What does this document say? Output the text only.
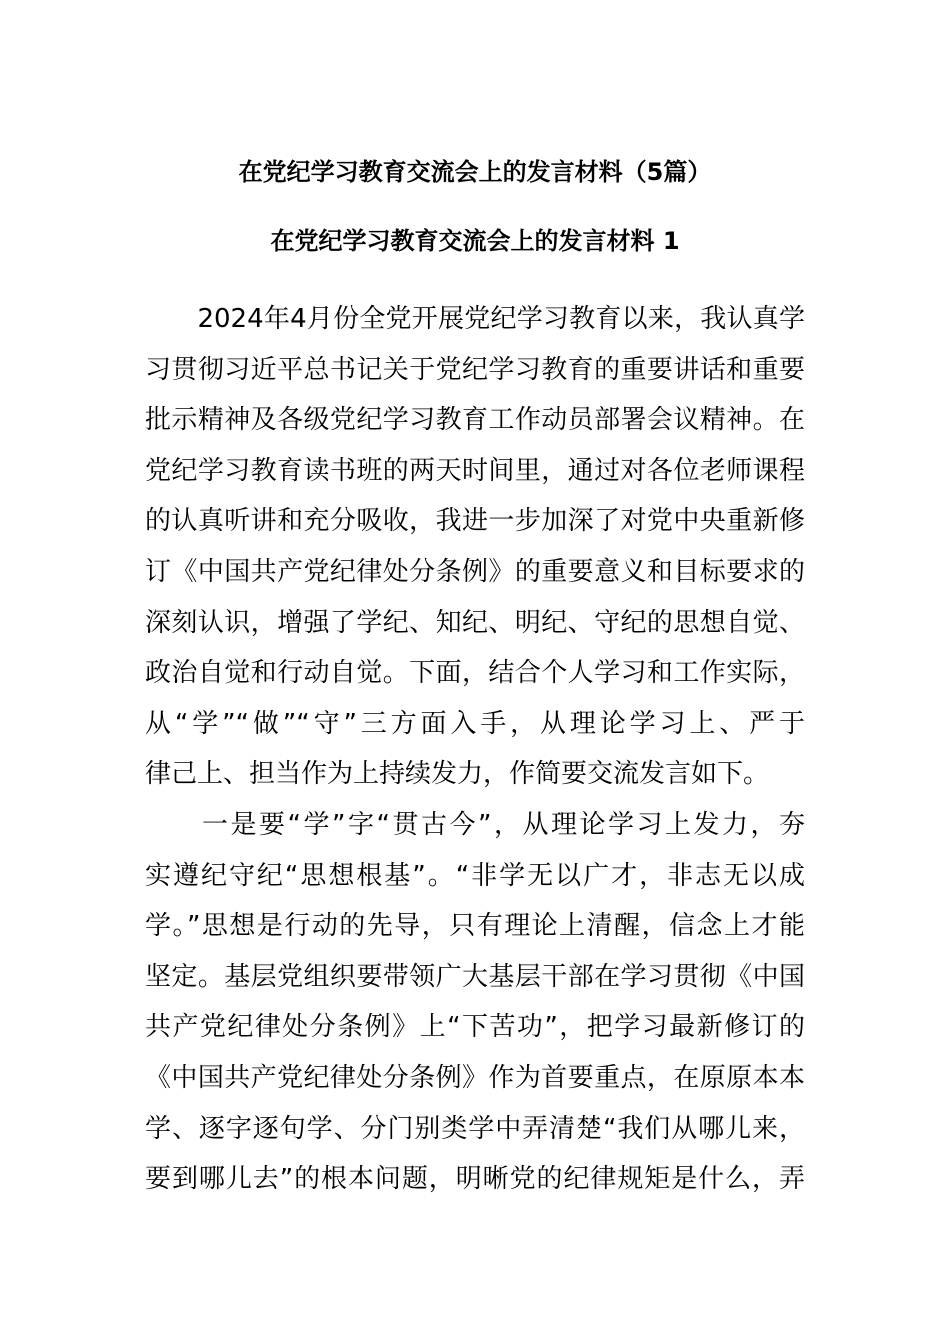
在党纪学习教育交流会上的发言材料（5篇）
在党纪学习教育交流会上的发言材料 1
　　2024年4月份全党开展党纪学习教育以来，我认真学
习贯彻习近平总书记关于党纪学习教育的重要讲话和重要
批示精神及各级党纪学习教育工作动员部署会议精神。在
党纪学习教育读书班的两天时间里，通过对各位老师课程
的认真听讲和充分吸收，我进一步加深了对党中央重新修
订《中国共产党纪律处分条例》的重要意义和目标要求的
深刻认识，增强了学纪、知纪、明纪、守纪的思想自觉、
政治自觉和行动自觉。下面，结合个人学习和工作实际，
从“学”“做”“守”三方面入手，从理论学习上、严于
律己上、担当作为上持续发力，作简要交流发言如下。
　　一是要“学”字“贯古今”，从理论学习上发力，夯
实遵纪守纪“思想根基”。“非学无以广才，非志无以成
学。”思想是行动的先导，只有理论上清醒，信念上才能
坚定。基层党组织要带领广大基层干部在学习贯彻《中国
共产党纪律处分条例》上“下苦功”，把学习最新修订的
《中国共产党纪律处分条例》作为首要重点，在原原本本
学、逐字逐句学、分门别类学中弄清楚“我们从哪儿来，
要到哪儿去”的根本问题，明晰党的纪律规矩是什么，弄
